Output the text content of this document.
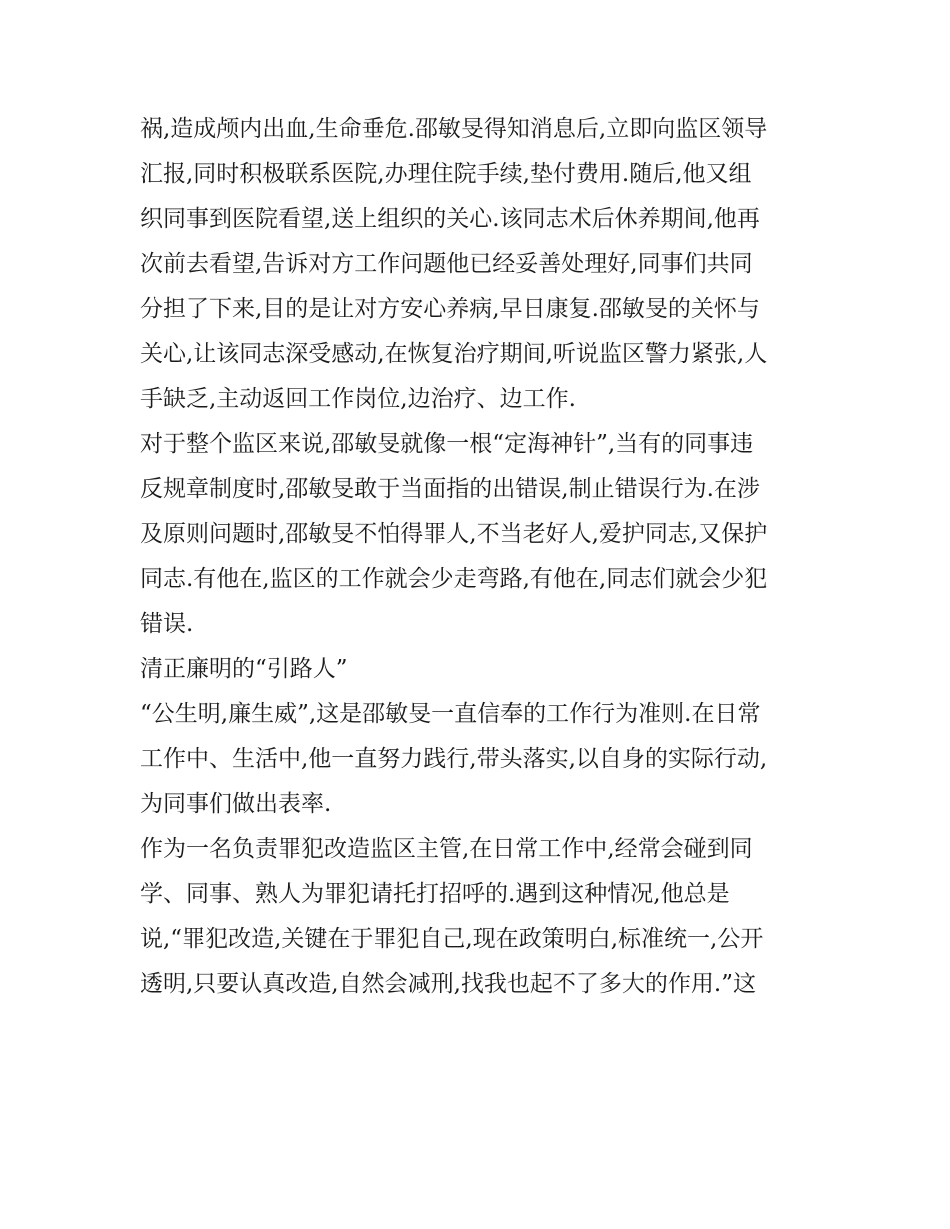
祸,造成颅内出血,生命垂危.邵敏旻得知消息后,立即向监区领导
汇报,同时积极联系医院,办理住院手续,垫付费用.随后,他又组
织同事到医院看望,送上组织的关心.该同志术后休养期间,他再
次前去看望,告诉对方工作问题他已经妥善处理好,同事们共同
分担了下来,目的是让对方安心养病,早日康复.邵敏旻的关怀与
关心,让该同志深受感动,在恢复治疗期间,听说监区警力紧张,人
手缺乏,主动返回工作岗位,边治疗、边工作.
对于整个监区来说,邵敏旻就像一根“定海神针”,当有的同事违
反规章制度时,邵敏旻敢于当面指的出错误,制止错误行为.在涉
及原则问题时,邵敏旻不怕得罪人,不当老好人,爱护同志,又保护
同志.有他在,监区的工作就会少走弯路,有他在,同志们就会少犯
错误.
清正廉明的“引路人”
“公生明,廉生威”,这是邵敏旻一直信奉的工作行为准则.在日常
工作中、生活中,他一直努力践行,带头落实,以自身的实际行动,
为同事们做出表率.
作为一名负责罪犯改造监区主管,在日常工作中,经常会碰到同
学、同事、熟人为罪犯请托打招呼的.遇到这种情况,他总是
说,“罪犯改造,关键在于罪犯自己,现在政策明白,标准统一,公开
透明,只要认真改造,自然会减刑,找我也起不了多大的作用.”这
